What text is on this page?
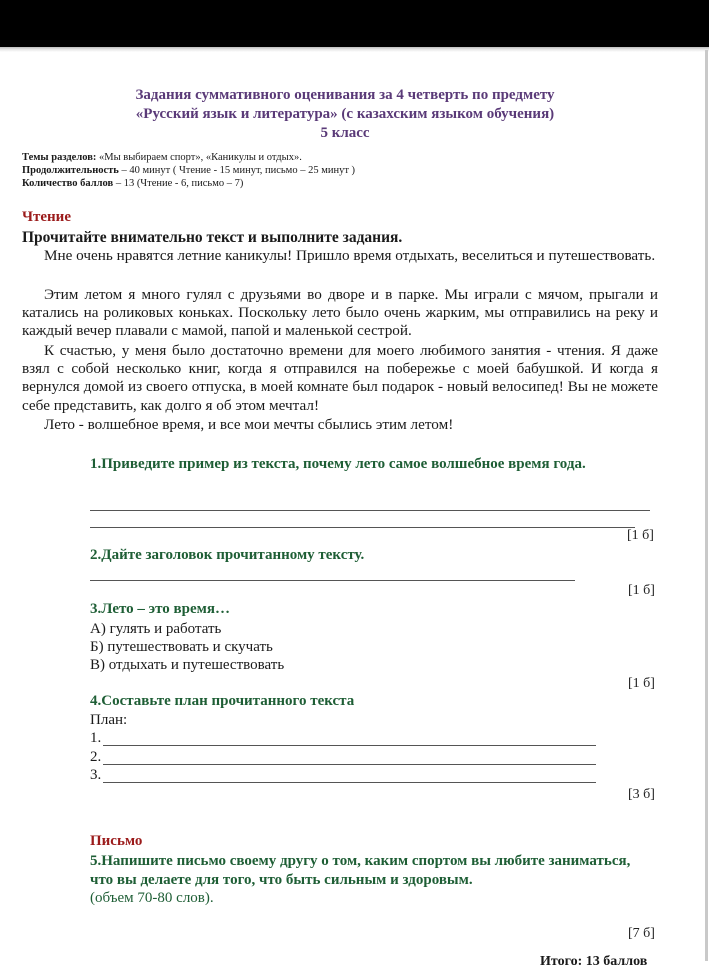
Задания суммативного оценивания за 4 четверть по предмету
«Русский язык и литература» (с казахским языком обучения)
5 класс
Темы разделов: «Мы выбираем спорт», «Каникулы и отдых».
Продолжительность – 40 минут ( Чтение - 15 минут, письмо – 25 минут )
Количество баллов – 13 (Чтение - 6, письмо – 7)
Чтение
Прочитайте внимательно текст и выполните задания.
Мне очень нравятся летние каникулы! Пришло время отдыхать, веселиться и путешествовать.
Этим летом я много гулял с друзьями во дворе и в парке. Мы играли с мячом, прыгали и катались на роликовых коньках. Поскольку лето было очень жарким, мы отправились на реку и каждый вечер плавали с мамой, папой и маленькой сестрой.
К счастью, у меня было достаточно времени для моего любимого занятия - чтения. Я даже взял с собой несколько книг, когда я отправился на побережье с моей бабушкой. И когда я вернулся домой из своего отпуска, в моей комнате был подарок - новый велосипед! Вы не можете себе представить, как долго я об этом мечтал!
Лето - волшебное время, и все мои мечты сбылись этим летом!
1.Приведите пример из текста, почему лето самое волшебное время года.
[1 б]
2.Дайте заголовок прочитанному тексту.
[1 б]
3.Лето – это время…
А) гулять и работать
Б) путешествовать и скучать
В) отдыхать и путешествовать
[1 б]
4.Составьте план прочитанного текста
План:
1.
2.
3.
[3 б]
Письмо
5.Напишите письмо своему другу о том, каким спортом вы любите заниматься, что вы делаете для того, что быть сильным и здоровым.
(объем 70-80 слов).
[7 б]
Итого: 13 баллов
